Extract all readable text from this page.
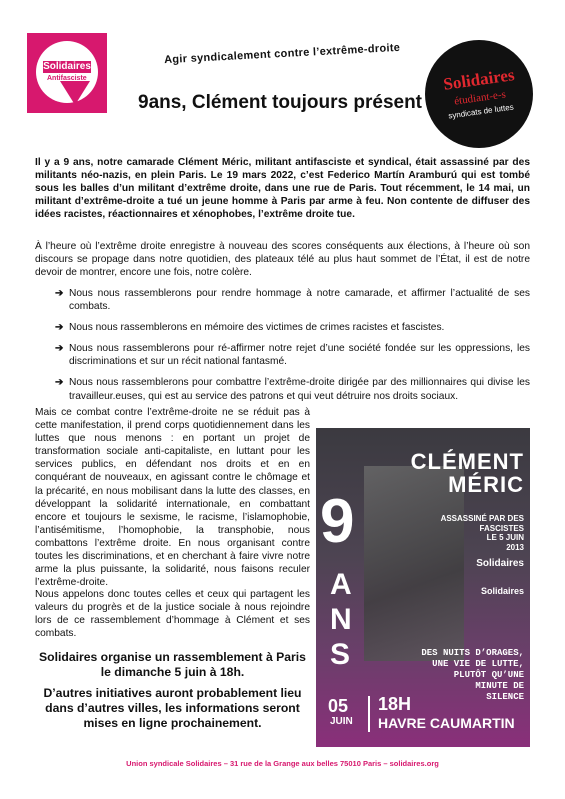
Solidaires
Antifasciste
Agir syndicalement contre l’extrême-droite
9ans, Clément toujours présent
Solidaires
étudiant-e-s
syndicats de luttes
Il y a 9 ans, notre camarade Clément Méric, militant antifasciste et syndical, était assassiné par des militants néo-nazis, en plein Paris. Le 19 mars 2022, c’est Federico Martín Aramburú qui est tombé sous les balles d’un militant d’extrême droite, dans une rue de Paris. Tout récemment, le 14 mai, un militant d’extrême-droite a tué un jeune homme à Paris par arme à feu. Non contente de diffuser des idées racistes, réactionnaires et xénophobes, l’extrême droite tue.
À l’heure où l’extrême droite enregistre à nouveau des scores conséquents aux élections, à l’heure où son discours se propage dans notre quotidien, des plateaux télé au plus haut sommet de l’État, il est de notre devoir de montrer, encore une fois, notre colère.
➔ Nous nous rassemblerons pour rendre hommage à notre camarade, et affirmer l’actualité de ses combats.
➔ Nous nous rassemblerons en mémoire des victimes de crimes racistes et fascistes.
➔ Nous nous rassemblerons pour ré-affirmer notre rejet d’une société fondée sur les oppressions, les discriminations et sur un récit national fantasmé.
➔ Nous nous rassemblerons pour combattre l’extrême-droite dirigée par des millionnaires qui divise les travailleur.euses, qui est au service des patrons et qui veut détruire nos droits sociaux.
Mais ce combat contre l’extrême-droite ne se réduit pas à cette manifestation, il prend corps quotidiennement dans les luttes que nous menons : en portant un projet de transformation sociale anti-capitaliste, en luttant pour les services publics, en défendant nos droits et en en conquérant de nouveaux, en agissant contre le chômage et la précarité, en nous mobilisant dans la lutte des classes, en développant la solidarité internationale, en combattant encore et toujours le sexisme, le racisme, l’islamophobie, l’antisémitisme, l’homophobie, la transphobie, nous combattons l’extrême droite. En nous organisant contre toutes les discriminations, et en cherchant à faire vivre notre arme la plus puissante, la solidarité, nous faisons reculer l’extrême-droite.
Nous appelons donc toutes celles et ceux qui partagent les valeurs du progrès et de la justice sociale à nous rejoindre lors de ce rassemblement d’hommage à Clément et ses combats.
Solidaires organise un rassemblement à Paris le dimanche 5 juin à 18h.
D’autres initiatives auront probablement lieu dans d’autres villes, les informations seront mises en ligne prochainement.
9
A
N
S
CLÉMENT
MÉRIC
ASSASSINÉ PAR DES
FASCISTES
LE 5 JUIN
2013
Solidaires
Solidaires
DES NUITS D’ORAGES,
UNE VIE DE LUTTE,
PLUTÔT QU’UNE
MINUTE DE
SILENCE
05
JUIN
18H
HAVRE CAUMARTIN
Union syndicale Solidaires – 31 rue de la Grange aux belles 75010 Paris – solidaires.org
